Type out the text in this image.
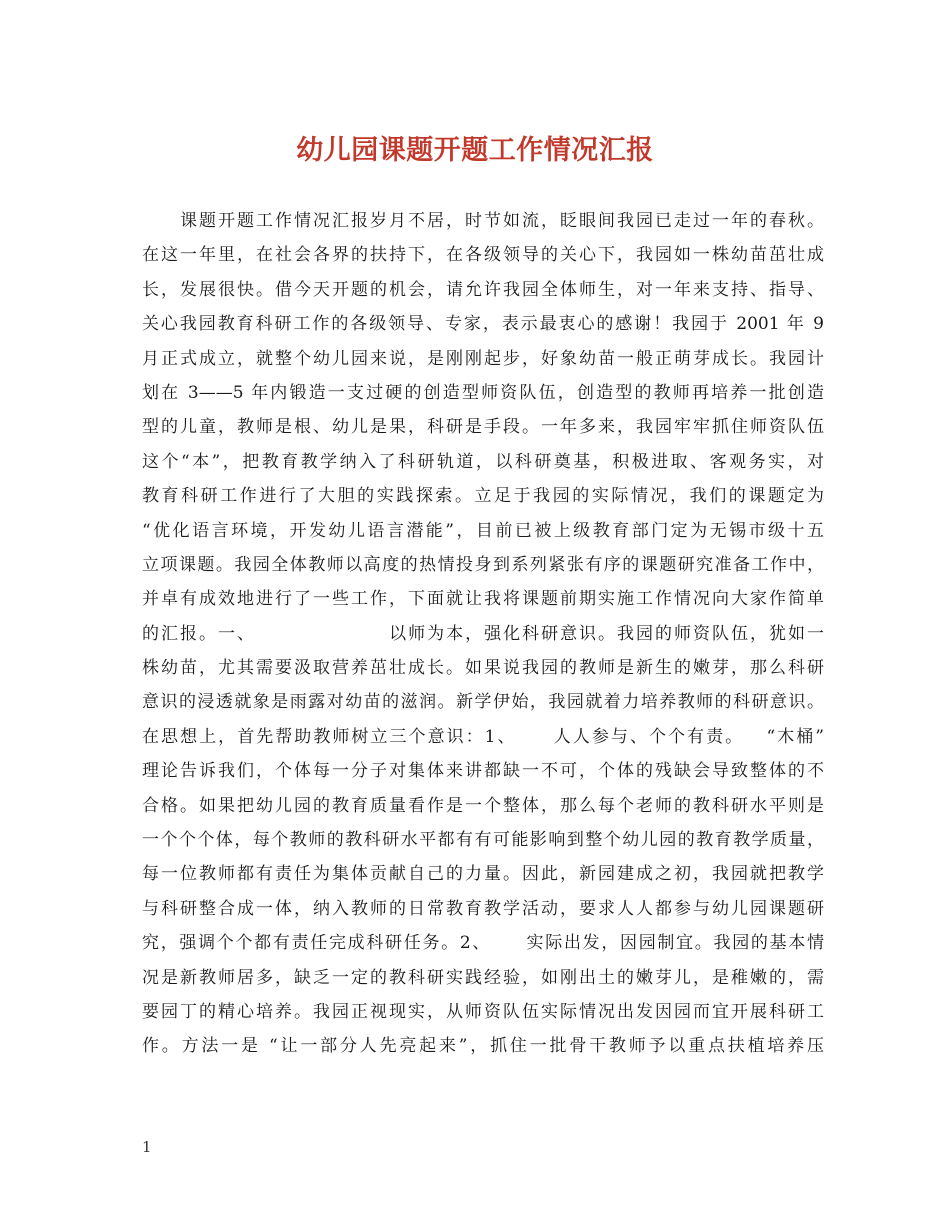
幼儿园课题开题工作情况汇报
　　课题开题工作情况汇报岁月不居，时节如流，眨眼间我园已走过一年的春秋。
在这一年里，在社会各界的扶持下，在各级领导的关心下，我园如一株幼苗茁壮成
长，发展很快。借今天开题的机会，请允许我园全体师生，对一年来支持、指导、
关心我园教育科研工作的各级领导、专家，表示最衷心的感谢！我园于 2001 年 9
月正式成立，就整个幼儿园来说，是刚刚起步，好象幼苗一般正萌芽成长。我园计
划在 3——5 年内锻造一支过硬的创造型师资队伍，创造型的教师再培养一批创造
型的儿童，教师是根、幼儿是果，科研是手段。一年多来，我园牢牢抓住师资队伍
这个“本”，把教育教学纳入了科研轨道，以科研奠基，积极进取、客观务实，对
教育科研工作进行了大胆的实践探索。立足于我园的实际情况，我们的课题定为
“优化语言环境，开发幼儿语言潜能”，目前已被上级教育部门定为无锡市级十五
立项课题。我园全体教师以高度的热情投身到系列紧张有序的课题研究准备工作中，
并卓有成效地进行了一些工作，下面就让我将课题前期实施工作情况向大家作简单
的汇报。一、                  以师为本，强化科研意识。我园的师资队伍，犹如一
株幼苗，尤其需要汲取营养茁壮成长。如果说我园的教师是新生的嫩芽，那么科研
意识的浸透就象是雨露对幼苗的滋润。新学伊始，我园就着力培养教师的科研意识。
在思想上，首先帮助教师树立三个意识：1、     人人参与、个个有责。   “木桶”
理论告诉我们，个体每一分子对集体来讲都缺一不可，个体的残缺会导致整体的不
合格。如果把幼儿园的教育质量看作是一个整体，那么每个老师的教科研水平则是
一个个个体，每个教师的教科研水平都有有可能影响到整个幼儿园的教育教学质量，
每一位教师都有责任为集体贡献自己的力量。因此，新园建成之初，我园就把教学
与科研整合成一体，纳入教师的日常教育教学活动，要求人人都参与幼儿园课题研
究，强调个个都有责任完成科研任务。2、     实际出发，因园制宜。我园的基本情
况是新教师居多，缺乏一定的教科研实践经验，如刚出土的嫩芽儿，是稚嫩的，需
要园丁的精心培养。我园正视现实，从师资队伍实际情况出发因园而宜开展科研工
作。方法一是 “让一部分人先亮起来”，抓住一批骨干教师予以重点扶植培养压
1
